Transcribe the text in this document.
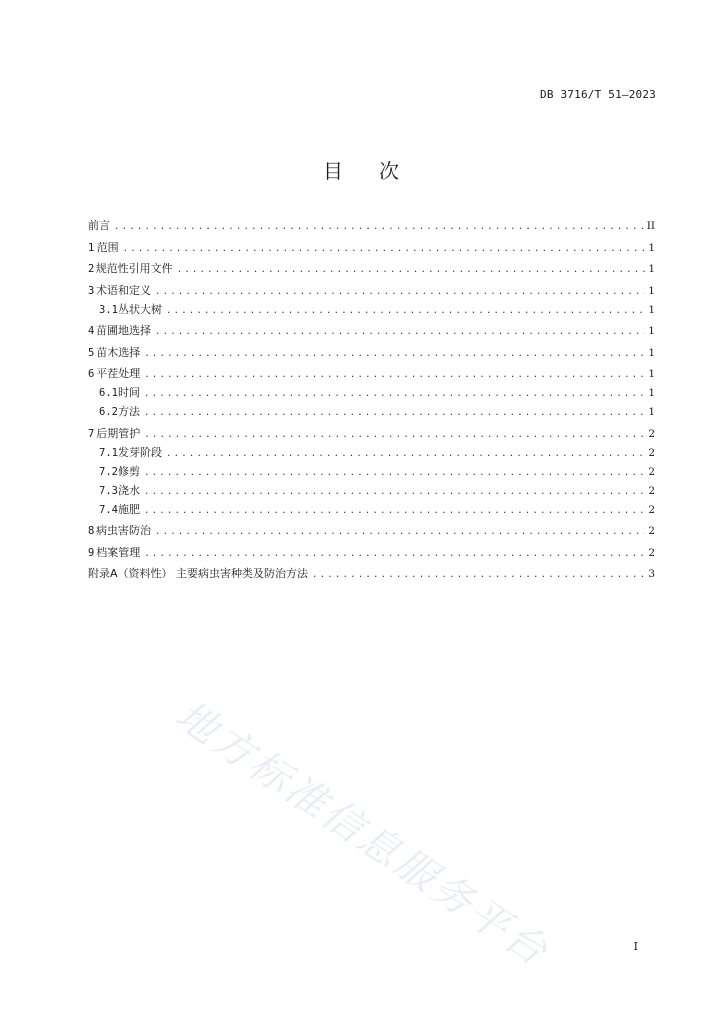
DB 3716/T 51—2023
目 次
前言 .....	II
1 范围 .....	1
2 规范性引用文件 .....	1
3 术语和定义 .....	1
3.1 丛状大树 .....	1
4 苗圃地选择 .....	1
5 苗木选择 .....	1
6 平茬处理 .....	1
6.1 时间 .....	1
6.2 方法 .....	1
7 后期管护 .....	2
7.1 发芽阶段 .....	2
7.2 修剪 .....	2
7.3 浇水 .....	2
7.4 施肥 .....	2
8 病虫害防治 .....	2
9 档案管理 .....	2
附录A（资料性） 主要病虫害种类及防治方法 .....	3
地方标准信息服务平台	I
